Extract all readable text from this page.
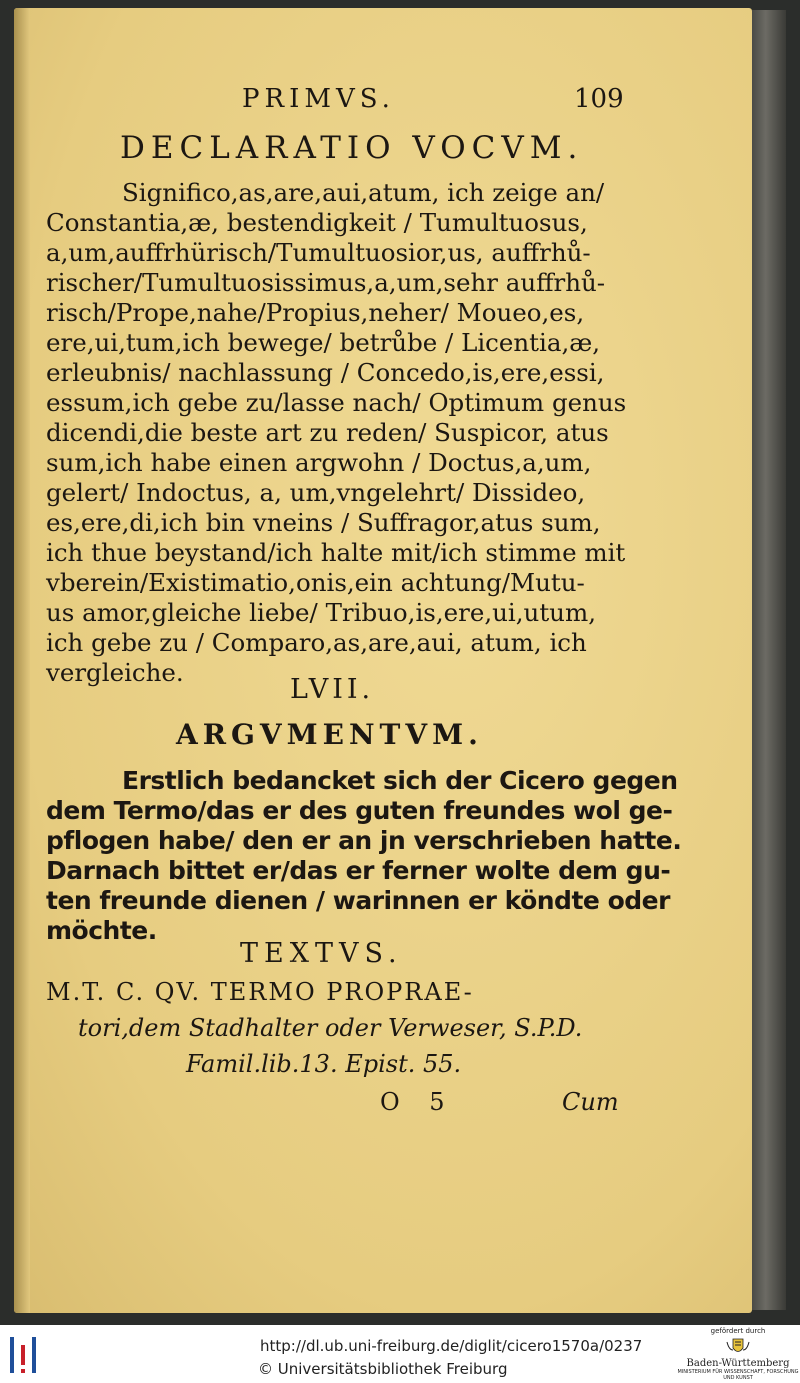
PRIMVS.	109
DECLARATIO VOCVM.
Significo,as,are,aui,atum, ich zeige an/
Constantia,æ, bestendigkeit / Tumultuosus,
a,um,auffrhürisch/Tumultuosior,us, auffrhů-
rischer/Tumultuosissimus,a,um,sehr auffrhů-
risch/Prope,nahe/Propius,neher/ Moueo,es,
ere,ui,tum,ich bewege/ betrůbe / Licentia,æ,
erleubnis/ nachlassung / Concedo,is,ere,essi,
essum,ich gebe zu/lasse nach/ Optimum genus
dicendi,die beste art zu reden/ Suspicor, atus
sum,ich habe einen argwohn / Doctus,a,um,
gelert/ Indoctus, a, um,vngelehrt/ Dissideo,
es,ere,di,ich bin vneins / Suffragor,atus sum,
ich thue beystand/ich halte mit/ich stimme mit
vberein/Existimatio,onis,ein achtung/Mutu-
us amor,gleiche liebe/ Tribuo,is,ere,ui,utum,
ich gebe zu / Comparo,as,are,aui, atum, ich
vergleiche.
LVII.
ARGVMENTVM.
Erstlich bedancket sich der Cicero gegen
dem Termo/das er des guten freundes wol ge-
pflogen habe/ den er an jn verschrieben hatte.
Darnach bittet er/das er ferner wolte dem gu-
ten freunde dienen / warinnen er köndte oder
möchte.
TEXTVS.
M.T. C. QV. TERMO PROPRAE-
tori,dem Stadhalter oder Verweser, S.P.D.
Famil.lib.13. Epist. 55.
O 5	Cum
http://dl.ub.uni-freiburg.de/diglit/cicero1570a/0237
© Universitätsbibliothek Freiburg
gefördert durch
Baden-Württemberg
MINISTERIUM FÜR WISSENSCHAFT, FORSCHUNG UND KUNST
